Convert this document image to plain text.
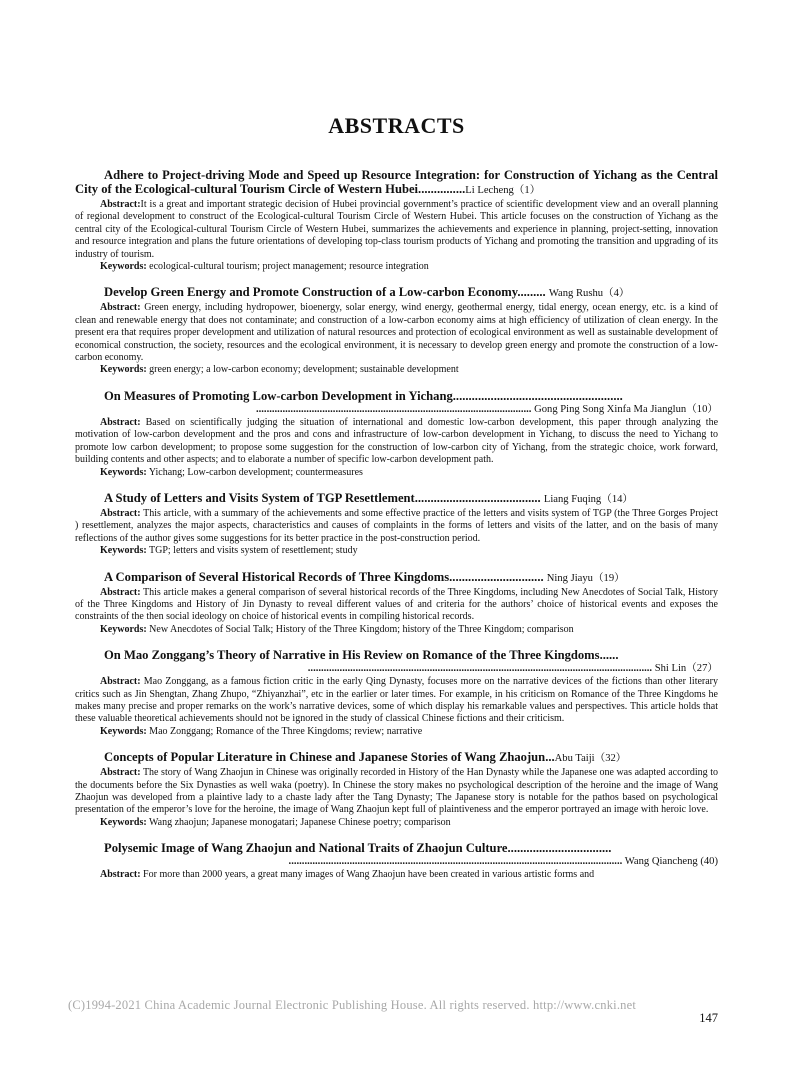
ABSTRACTS
Adhere to Project-driving Mode and Speed up Resource Integration: for Construction of Yichang as the Central City of the Ecological-cultural Tourism Circle of Western Hubei...............Li Lecheng（1）
Abstract:It is a great and important strategic decision of Hubei provincial government’s practice of scientific development view and an overall planning of regional development to construct of the Ecological-cultural Tourism Circle of Western Hubei. This article focuses on the construction of Yichang as the central city of the Ecological-cultural Tourism Circle of Western Hubei, summarizes the achievements and experience in planning, project-setting, innovation and resource integration and plans the future orientations of developing top-class tourism products of Yichang and promoting the transition and upgrading of its industry of tourism.
Keywords: ecological-cultural tourism; project management; resource integration
Develop Green Energy and Promote Construction of a Low-carbon Economy......... Wang Rushu（4）
Abstract: Green energy, including hydropower, bioenergy, solar energy, wind energy, geothermal energy, tidal energy, ocean energy, etc. is a kind of clean and renewable energy that does not contaminate; and construction of a low-carbon economy aims at high efficiency of utilization of clean energy. In the present era that requires proper development and utilization of natural resources and protection of ecological environment as well as sustainable development of economical construction, the society, resources and the ecological environment, it is necessary to develop green energy and promote the construction of a low-carbon economy.
Keywords: green energy; a low-carbon economy; development; sustainable development
On Measures of Promoting Low-carbon Development in Yichang......................................................
........................................................................................................ Gong Ping Song Xinfa Ma Jianglun（10）
Abstract: Based on scientifically judging the situation of international and domestic low-carbon development, this paper through analyzing the motivation of low-carbon development and the pros and cons and infrastructure of low-carbon development in Yichang, to discuss the need to Yichang to promote low carbon development; to propose some suggestion for the construction of low-carbon city of Yichang, from the strategic choice, work forward, building contents and other aspects; and to elaborate a number of specific low-carbon development path.
Keywords: Yichang; Low-carbon development; countermeasures
A Study of Letters and Visits System of TGP Resettlement........................................ Liang Fuqing（14）
Abstract: This article, with a summary of the achievements and some effective practice of the letters and visits system of TGP (the Three Gorges Project ) resettlement, analyzes the major aspects, characteristics and causes of complaints in the forms of letters and visits of the latter, and on the basis of many reflections of the author gives some suggestions for its better practice in the post-construction period.
Keywords: TGP; letters and visits system of resettlement; study
A Comparison of Several Historical Records of Three Kingdoms.............................. Ning Jiayu（19）
Abstract: This article makes a general comparison of several historical records of the Three Kingdoms, including New Anecdotes of Social Talk, History of the Three Kingdoms and History of Jin Dynasty to reveal different values of and criteria for the authors’ choice of historical events and exposes the constraints of the then social ideology on choice of historical events in compiling historical records.
Keywords: New Anecdotes of Social Talk; History of the Three Kingdom; history of the Three Kingdom; comparison
On Mao Zonggang’s Theory of Narrative in His Review on Romance of the Three Kingdoms......
.................................................................................................................................. Shi Lin（27）
Abstract: Mao Zonggang, as a famous fiction critic in the early Qing Dynasty, focuses more on the narrative devices of the fictions than other literary critics such as Jin Shengtan, Zhang Zhupo, “Zhiyanzhai”, etc in the earlier or later times. For example, in his criticism on Romance of the Three Kingdoms he makes many precise and proper remarks on the work’s narrative devices, some of which display his remarkable values and perspectives. This article holds that these valuable theoretical achievements should not be ignored in the study of classical Chinese fictions and their criticism.
Keywords: Mao Zonggang; Romance of the Three Kingdoms; review; narrative
Concepts of Popular Literature in Chinese and Japanese Stories of Wang Zhaojun...Abu Taiji（32）
Abstract: The story of Wang Zhaojun in Chinese was originally recorded in History of the Han Dynasty while the Japanese one was adapted according to the documents before the Six Dynasties as well waka (poetry). In Chinese the story makes no psychological description of the heroine and the image of Wang Zhaojun was developed from a plaintive lady to a chaste lady after the Tang Dynasty; The Japanese story is notable for the pathos based on psychological presentation of the emperor’s love for the heroine, the image of Wang Zhaojun kept full of plaintiveness and the emperor portrayed an image with heroic love.
Keywords: Wang zhaojun; Japanese monogatari; Japanese Chinese poetry; comparison
Polysemic Image of Wang Zhaojun and National Traits of Zhaojun Culture.................................
.............................................................................................................................. Wang Qiancheng (40)
Abstract: For more than 2000 years, a great many images of Wang Zhaojun have been created in various artistic forms and
(C)1994-2021 China Academic Journal Electronic Publishing House. All rights reserved. http://www.cnki.net
147
